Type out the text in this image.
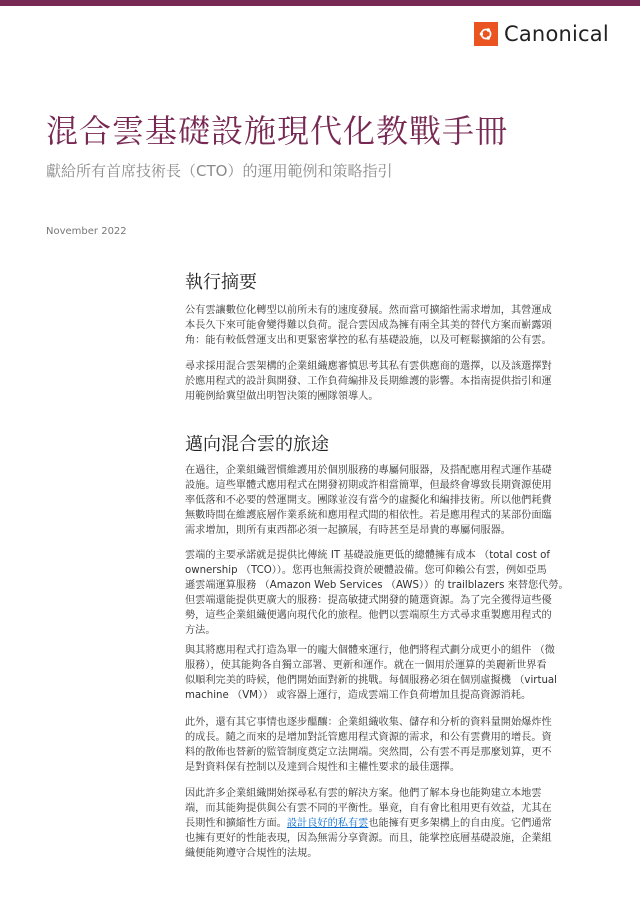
Canonical
混合雲基礎設施現代化教戰手冊

獻給所有首席技術長（CTO）的運用範例和策略指引

November 2022

執行摘要

公有雲讓數位化轉型以前所未有的速度發展。然而當可擴縮性需求增加，其營運成
本長久下來可能會變得難以負荷。混合雲因成為擁有兩全其美的替代方案而嶄露頭
角：能有較低營運支出和更緊密掌控的私有基礎設施，以及可輕鬆擴縮的公有雲。

尋求採用混合雲架構的企業組織應審慎思考其私有雲供應商的選擇，以及該選擇對
於應用程式的設計與開發、工作負荷編排及長期維護的影響。本指南提供指引和運
用範例給冀望做出明智決策的團隊領導人。

邁向混合雲的旅途

在過往，企業組織習慣維護用於個別服務的專屬伺服器，及搭配應用程式運作基礎
設施。這些單體式應用程式在開發初期或許相當簡單，但最終會導致長期資源使用
率低落和不必要的營運開支。團隊並沒有當今的虛擬化和編排技術。所以他們耗費
無數時間在維護底層作業系統和應用程式間的相依性。若是應用程式的某部份面臨
需求增加，則所有東西都必須一起擴展，有時甚至是昂貴的專屬伺服器。

雲端的主要承諾就是提供比傳統 IT 基礎設施更低的總體擁有成本 （total cost of
ownership （TCO））。您再也無需投資於硬體設備。您可仰賴公有雲，例如亞馬
遜雲端運算服務 （Amazon Web Services （AWS））的 trailblazers 來替您代勞。
但雲端還能提供更廣大的服務：提高敏捷式開發的隨選資源。為了完全獲得這些優
勢，這些企業組織便邁向現代化的旅程。他們以雲端原生方式尋求重製應用程式的
方法。

與其將應用程式打造為單一的龐大個體來運行，他們將程式劃分成更小的組件 （微
服務），使其能夠各自獨立部署、更新和運作。就在一個用於運算的美麗新世界看
似順利完美的時候，他們開始面對新的挑戰。每個服務必須在個別虛擬機 （virtual
machine （VM）） 或容器上運行，造成雲端工作負荷增加且提高資源消耗。

此外，還有其它事情也逐步醞釀：企業組織收集、儲存和分析的資料量開始爆炸性
的成長。隨之而來的是增加對託管應用程式資源的需求，和公有雲費用的增長。資
料的散佈也替新的監管制度奠定立法開端。突然間，公有雲不再是那麼划算，更不
是對資料保有控制以及達到合規性和主權性要求的最佳選擇。

因此許多企業組織開始探尋私有雲的解決方案。他們了解本身也能夠建立本地雲
端，而其能夠提供與公有雲不同的平衡性。畢竟，自有會比租用更有效益，尤其在
長期性和擴縮性方面。設計良好的私有雲也能擁有更多架構上的自由度。它們通常
也擁有更好的性能表現，因為無需分享資源。而且，能掌控底層基礎設施，企業組
織便能夠遵守合規性的法規。
